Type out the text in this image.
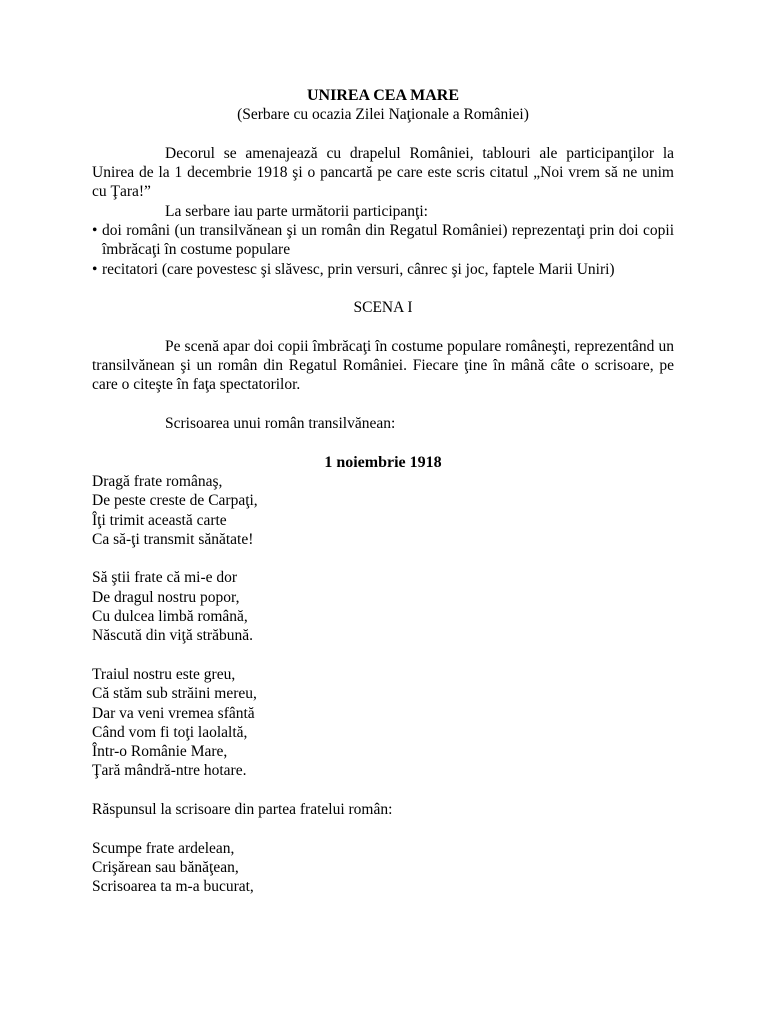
UNIREA CEA MARE

(Serbare cu ocazia Zilei Naţionale a României)

Decorul se amenajează cu drapelul României, tablouri ale participanţilor la Unirea de la 1 decembrie 1918 şi o pancartă pe care este scris citatul „Noi vrem să ne unim cu Ţara!”

La serbare iau parte următorii participanţi:

• doi români (un transilvănean şi un român din Regatul României) reprezentaţi prin doi copii îmbrăcaţi în costume populare
• recitatori (care povestesc şi slăvesc, prin versuri, cânrec şi joc, faptele Marii Uniri)

SCENA I

Pe scenă apar doi copii îmbrăcaţi în costume populare româneşti, reprezentând un transilvănean şi un român din Regatul României. Fiecare ţine în mână câte o scrisoare, pe care o citeşte în faţa spectatorilor.

Scrisoarea unui român transilvănean:

1 noiembrie 1918

Dragă frate românaş,
De peste creste de Carpaţi,
Îţi trimit această carte
Ca să-ţi transmit sănătate!
Să ştii frate că mi-e dor
De dragul nostru popor,
Cu dulcea limbă română,
Născută din viţă străbună.
Traiul nostru este greu,
Că stăm sub străini mereu,
Dar va veni vremea sfântă
Când vom fi toţi laolaltă,
Într-o Românie Mare,
Ţară mândră-ntre hotare.

Răspunsul la scrisoare din partea fratelui român:

Scumpe frate ardelean,
Crişărean sau bănăţean,
Scrisoarea ta m-a bucurat,
